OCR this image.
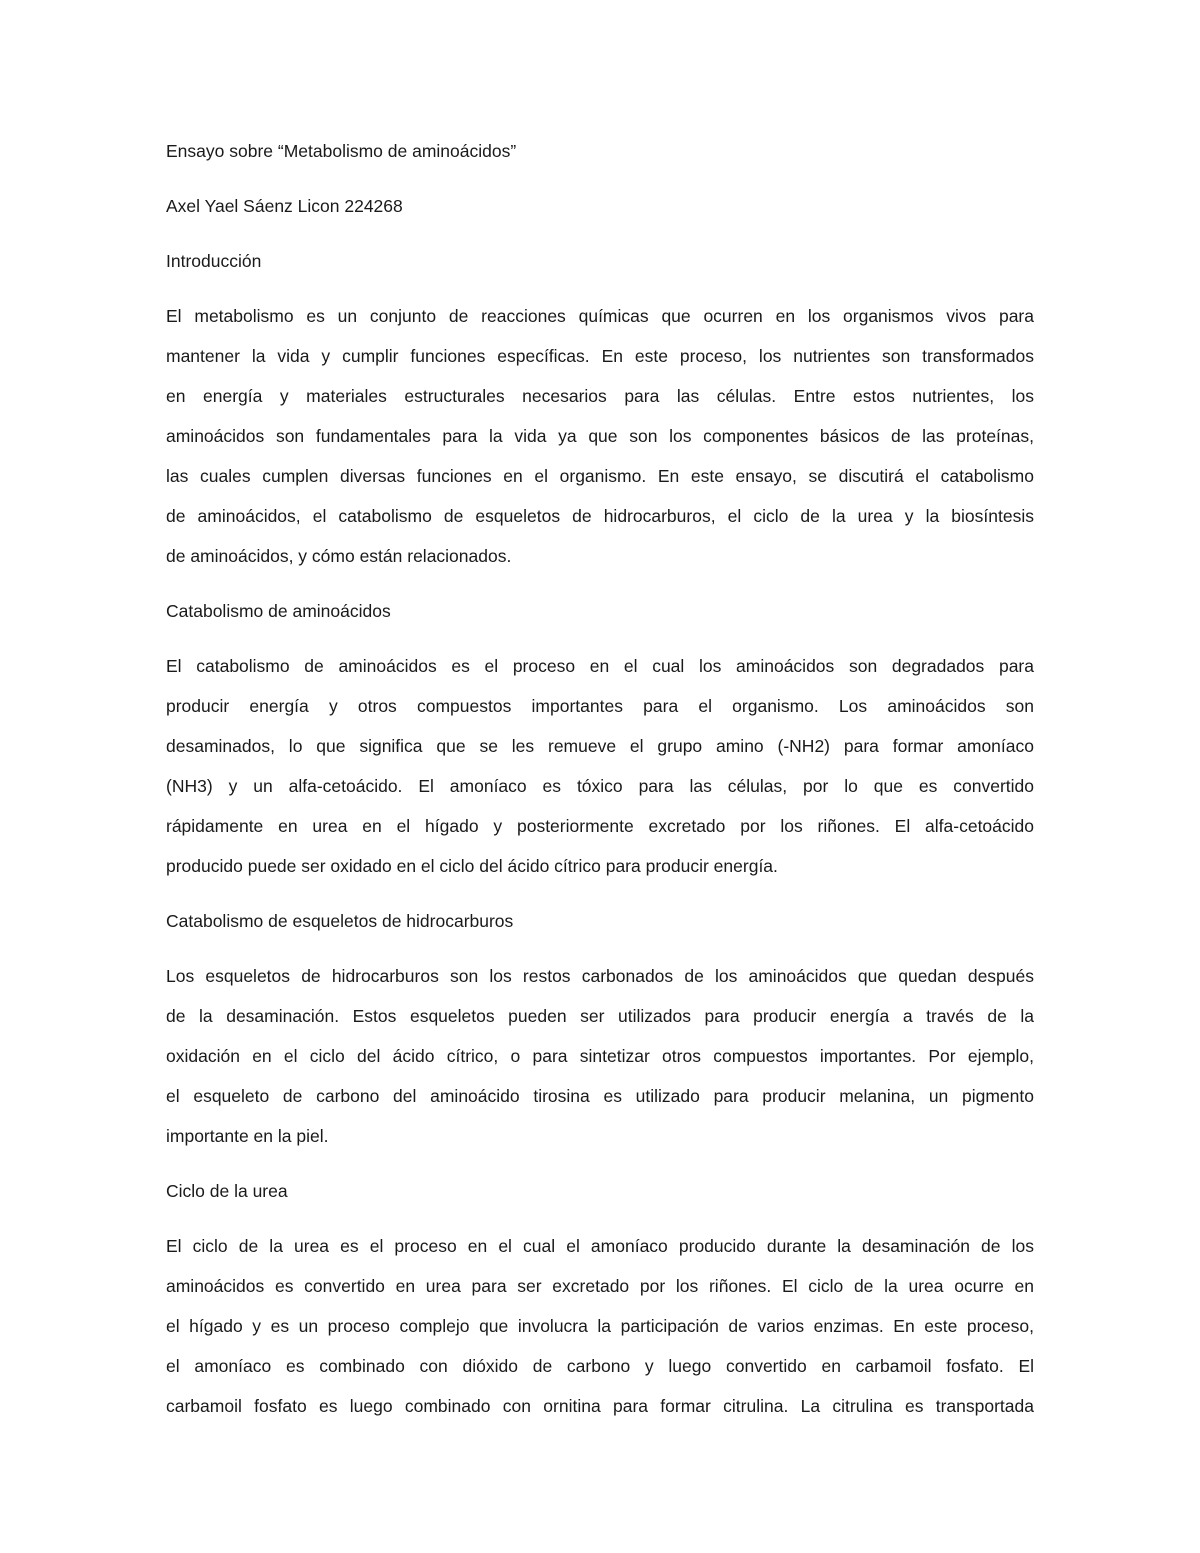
Ensayo sobre “Metabolismo de aminoácidos”

Axel Yael Sáenz Licon 224268

Introducción

El metabolismo es un conjunto de reacciones químicas que ocurren en los organismos vivos para
mantener la vida y cumplir funciones específicas. En este proceso, los nutrientes son transformados
en energía y materiales estructurales necesarios para las células. Entre estos nutrientes, los
aminoácidos son fundamentales para la vida ya que son los componentes básicos de las proteínas,
las cuales cumplen diversas funciones en el organismo. En este ensayo, se discutirá el catabolismo
de aminoácidos, el catabolismo de esqueletos de hidrocarburos, el ciclo de la urea y la biosíntesis
de aminoácidos, y cómo están relacionados.

Catabolismo de aminoácidos

El catabolismo de aminoácidos es el proceso en el cual los aminoácidos son degradados para
producir energía y otros compuestos importantes para el organismo. Los aminoácidos son
desaminados, lo que significa que se les remueve el grupo amino (-NH2) para formar amoníaco
(NH3) y un alfa-cetoácido. El amoníaco es tóxico para las células, por lo que es convertido
rápidamente en urea en el hígado y posteriormente excretado por los riñones. El alfa-cetoácido
producido puede ser oxidado en el ciclo del ácido cítrico para producir energía.

Catabolismo de esqueletos de hidrocarburos

Los esqueletos de hidrocarburos son los restos carbonados de los aminoácidos que quedan después
de la desaminación. Estos esqueletos pueden ser utilizados para producir energía a través de la
oxidación en el ciclo del ácido cítrico, o para sintetizar otros compuestos importantes. Por ejemplo,
el esqueleto de carbono del aminoácido tirosina es utilizado para producir melanina, un pigmento
importante en la piel.

Ciclo de la urea

El ciclo de la urea es el proceso en el cual el amoníaco producido durante la desaminación de los
aminoácidos es convertido en urea para ser excretado por los riñones. El ciclo de la urea ocurre en
el hígado y es un proceso complejo que involucra la participación de varios enzimas. En este proceso,
el amoníaco es combinado con dióxido de carbono y luego convertido en carbamoil fosfato. El
carbamoil fosfato es luego combinado con ornitina para formar citrulina. La citrulina es transportada
